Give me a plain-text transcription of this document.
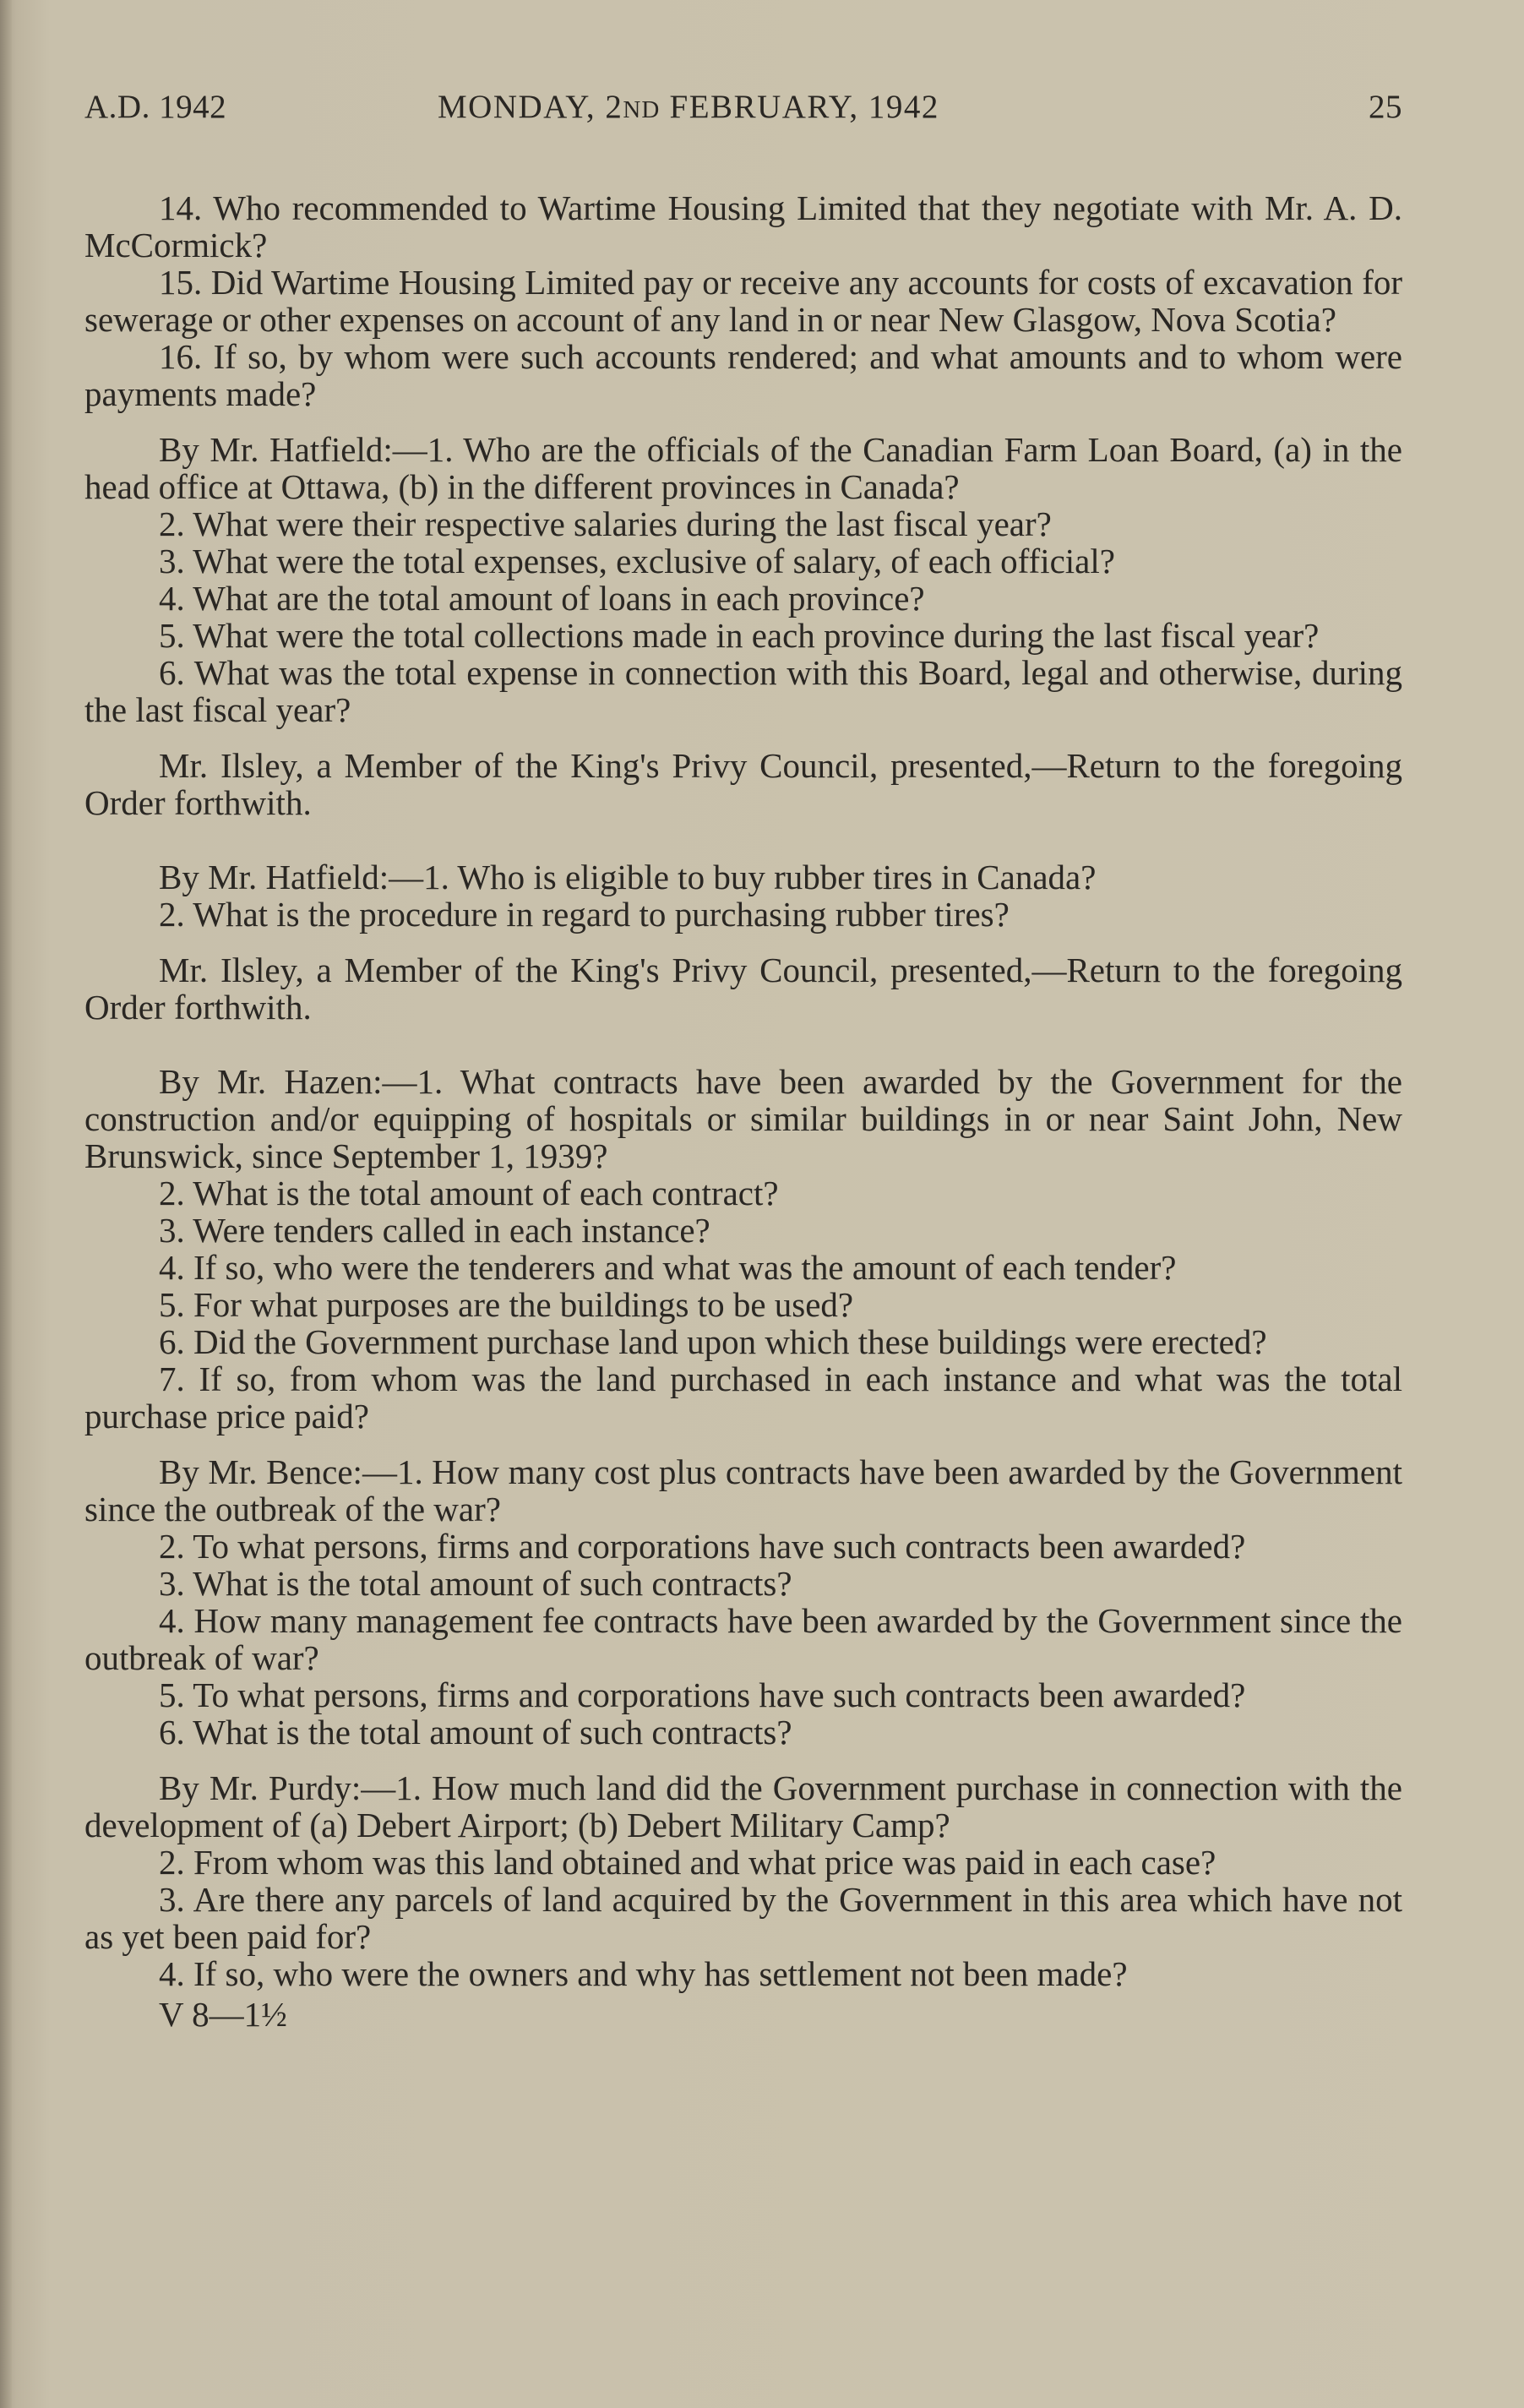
A.D. 1942	MONDAY, 2ND FEBRUARY, 1942	25

14. Who recommended to Wartime Housing Limited that they negotiate with Mr. A. D. McCormick?

15. Did Wartime Housing Limited pay or receive any accounts for costs of excavation for sewerage or other expenses on account of any land in or near New Glasgow, Nova Scotia?

16. If so, by whom were such accounts rendered; and what amounts and to whom were payments made?

By Mr. Hatfield:—1. Who are the officials of the Canadian Farm Loan Board, (a) in the head office at Ottawa, (b) in the different provinces in Canada?

2. What were their respective salaries during the last fiscal year?

3. What were the total expenses, exclusive of salary, of each official?

4. What are the total amount of loans in each province?

5. What were the total collections made in each province during the last fiscal year?

6. What was the total expense in connection with this Board, legal and otherwise, during the last fiscal year?

Mr. Ilsley, a Member of the King's Privy Council, presented,—Return to the foregoing Order forthwith.

By Mr. Hatfield:—1. Who is eligible to buy rubber tires in Canada?

2. What is the procedure in regard to purchasing rubber tires?

Mr. Ilsley, a Member of the King's Privy Council, presented,—Return to the foregoing Order forthwith.

By Mr. Hazen:—1. What contracts have been awarded by the Government for the construction and/or equipping of hospitals or similar buildings in or near Saint John, New Brunswick, since September 1, 1939?

2. What is the total amount of each contract?

3. Were tenders called in each instance?

4. If so, who were the tenderers and what was the amount of each tender?

5. For what purposes are the buildings to be used?

6. Did the Government purchase land upon which these buildings were erected?

7. If so, from whom was the land purchased in each instance and what was the total purchase price paid?

By Mr. Bence:—1. How many cost plus contracts have been awarded by the Government since the outbreak of the war?

2. To what persons, firms and corporations have such contracts been awarded?

3. What is the total amount of such contracts?

4. How many management fee contracts have been awarded by the Government since the outbreak of war?

5. To what persons, firms and corporations have such contracts been awarded?

6. What is the total amount of such contracts?

By Mr. Purdy:—1. How much land did the Government purchase in connection with the development of (a) Debert Airport; (b) Debert Military Camp?

2. From whom was this land obtained and what price was paid in each case?

3. Are there any parcels of land acquired by the Government in this area which have not as yet been paid for?

4. If so, who were the owners and why has settlement not been made?

V 8—1½
